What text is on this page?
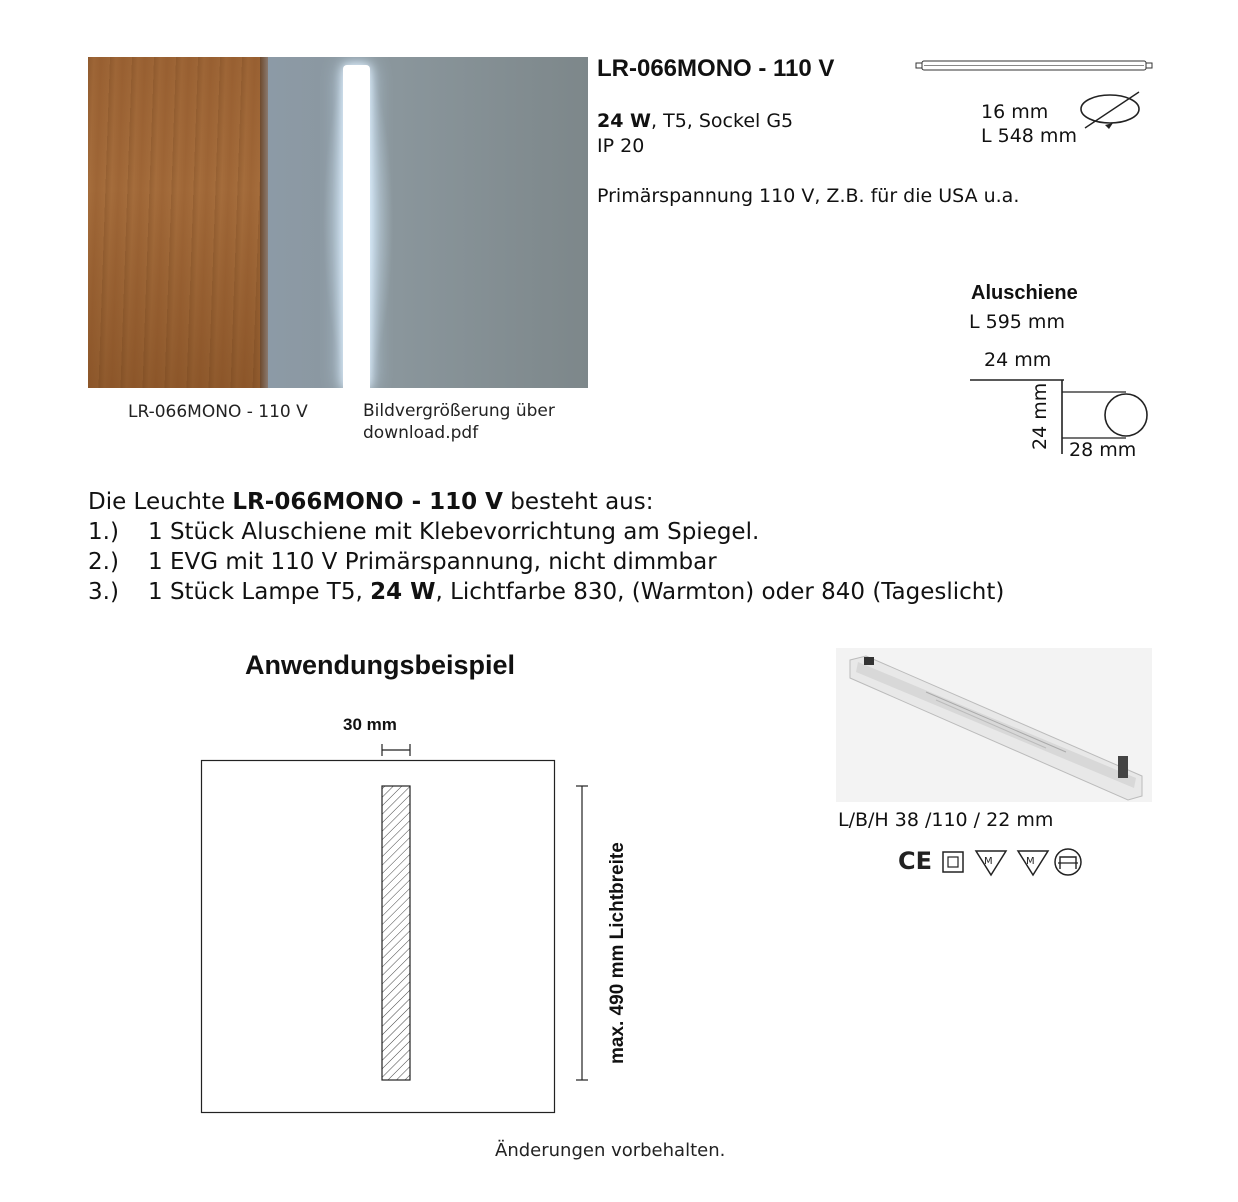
LR-066MONO - 110 V	Bildvergrößerung über download.pdf
LR-066MONO - 110 V
24 W, T5, Sockel G5
IP 20
Primärspannung 110 V, Z.B. für die USA u.a.
16 mm
L 548 mm
Aluschiene
L 595 mm
24 mm
24 mm 28 mm
Die Leuchte LR-066MONO - 110 V besteht aus:
1.) 1 Stück Aluschiene mit Klebevorrichtung am Spiegel.
2.) 1 EVG mit 110 V Primärspannung, nicht dimmbar
3.) 1 Stück Lampe T5, 24 W, Lichtfarbe 830, (Warmton) oder 840 (Tageslicht)
Anwendungsbeispiel
30 mm
max. 490 mm Lichtbreite
L/B/H 38 /110 / 22 mm
CE	M	M
Änderungen vorbehalten.
